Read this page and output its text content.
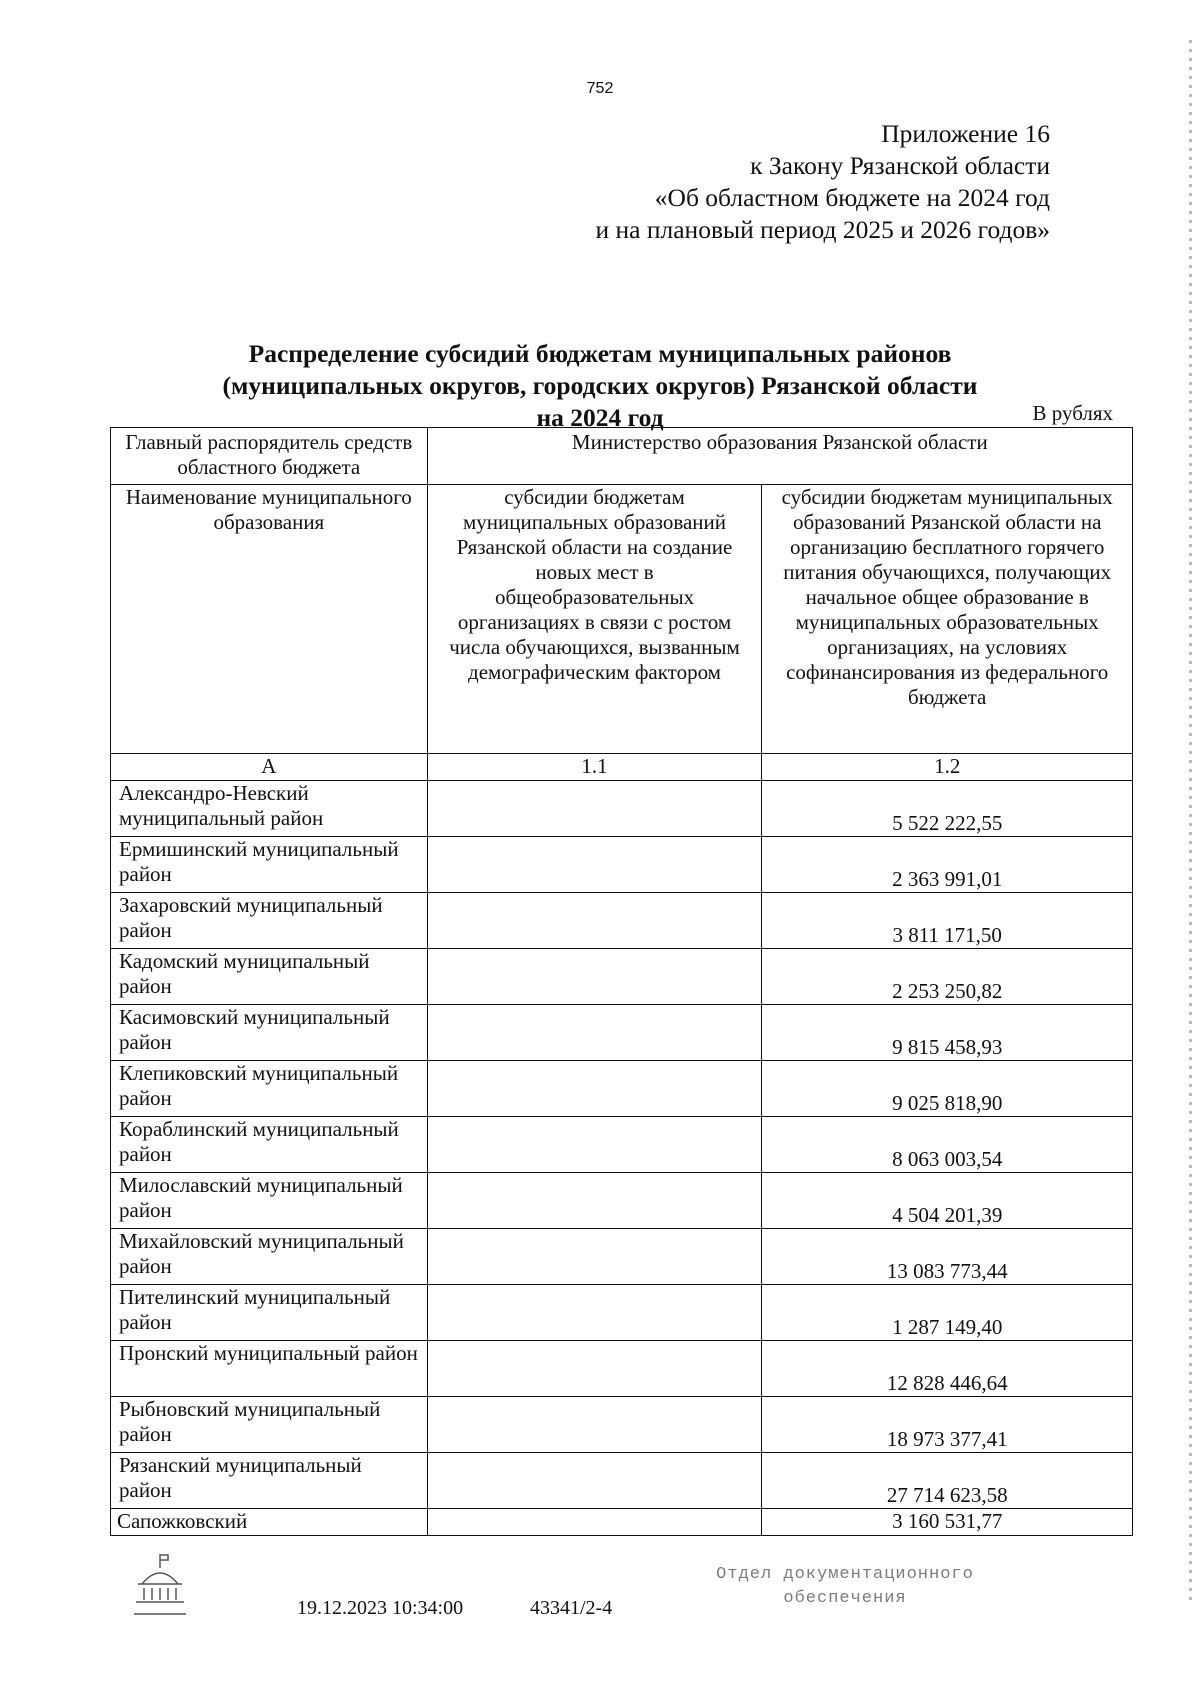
752
Приложение 16
к Закону Рязанской области
«Об областном бюджете на 2024 год
и на плановый период 2025 и 2026 годов»
Распределение субсидий бюджетам муниципальных районов
(муниципальных округов, городских округов) Рязанской области
на 2024 год	В рублях
Главный распорядитель средств областного бюджета	Министерство образования Рязанской области	
Наименование муниципального образования	субсидии бюджетам муниципальных образований Рязанской области на создание новых мест в общеобразовательных организациях в связи с ростом числа обучающихся, вызванным демографическим фактором	субсидии бюджетам муниципальных образований Рязанской области на организацию бесплатного горячего питания обучающихся, получающих начальное общее образование в муниципальных образовательных организациях, на условиях софинансирования из федерального бюджета
А	1.1	1.2
Александро-Невский муниципальный район		5 522 222,55
Ермишинский муниципальный район		2 363 991,01
Захаровский муниципальный район		3 811 171,50
Кадомский муниципальный район		2 253 250,82
Касимовский муниципальный район		9 815 458,93
Клепиковский муниципальный район		9 025 818,90
Кораблинский муниципальный район		8 063 003,54
Милославский муниципальный район		4 504 201,39
Михайловский муниципальный район		13 083 773,44
Пителинский муниципальный район		1 287 149,40
Пронский муниципальный район		12 828 446,64
Рыбновский муниципальный район		18 973 377,41
Рязанский муниципальный район		27 714 623,58
Сапожковский		3 160 531,77
19.12.2023 10:34:00	43341/2-4
Отдел документационного
обеспечения
